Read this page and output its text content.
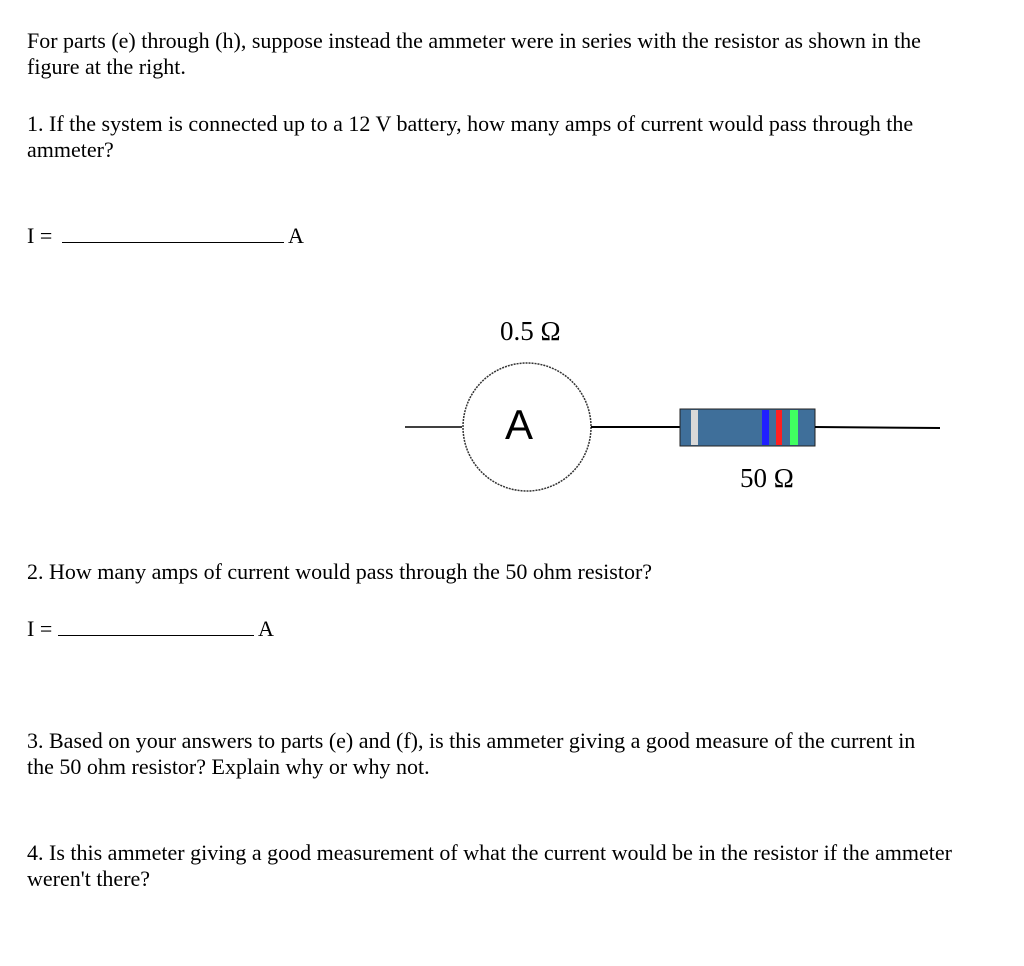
For parts (e) through (h), suppose instead the ammeter were in series with the resistor as shown in the figure at the right.
1. If the system is connected up to a 12 V battery, how many amps of current would pass through the ammeter?
I =	A
A
0.5 Ω
50 Ω
2. How many amps of current would pass through the 50 ohm resistor?
I =	A
3. Based on your answers to parts (e) and (f), is this ammeter giving a good measure of the current in the 50 ohm resistor? Explain why or why not.
4. Is this ammeter giving a good measurement of what the current would be in the resistor if the ammeter weren't there?
